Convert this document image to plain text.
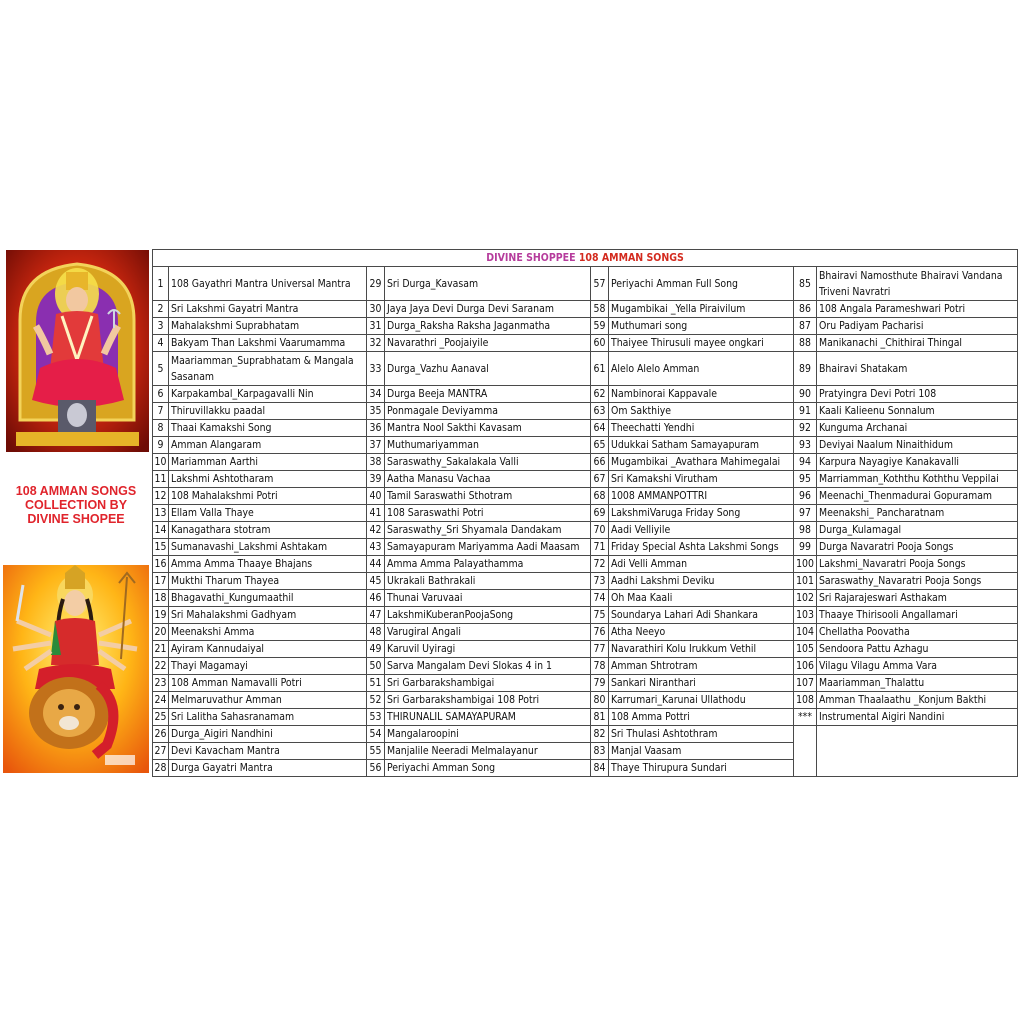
108 AMMAN SONGS
COLLECTION BY
DIVINE SHOPEE
DIVINE SHOPPEE 108 AMMAN SONGS							
1	108 Gayathri Mantra Universal Mantra	29	Sri Durga_Kavasam	57	Periyachi Amman Full Song	85	Bhairavi Namosthute Bhairavi Vandana Triveni Navratri
2	Sri Lakshmi Gayatri Mantra	30	Jaya Jaya Devi Durga Devi Saranam	58	Mugambikai _Yella Piraivilum	86	108 Angala Parameshwari Potri
3	Mahalakshmi Suprabhatam	31	Durga_Raksha Raksha Jaganmatha	59	Muthumari song	87	Oru Padiyam Pacharisi
4	Bakyam Than Lakshmi Vaarumamma	32	Navarathri _Poojaiyile	60	Thaiyee Thirusuli mayee ongkari	88	Manikanachi _Chithirai Thingal
5	Maariamman_Suprabhatam & Mangala Sasanam	33	Durga_Vazhu Aanaval	61	Alelo Alelo Amman	89	Bhairavi Shatakam
6	Karpakambal_Karpagavalli Nin	34	Durga Beeja MANTRA	62	Nambinorai Kappavale	90	Pratyingra Devi Potri 108
7	Thiruvillakku paadal	35	Ponmagale Deviyamma	63	Om Sakthiye	91	Kaali Kalieenu Sonnalum
8	Thaai Kamakshi Song	36	Mantra Nool Sakthi Kavasam	64	Theechatti Yendhi	92	Kunguma Archanai
9	Amman Alangaram	37	Muthumariyamman	65	Udukkai Satham Samayapuram	93	Deviyai Naalum Ninaithidum
10	Mariamman Aarthi	38	Saraswathy_Sakalakala Valli	66	Mugambikai _Avathara Mahimegalai	94	Karpura Nayagiye Kanakavalli
11	Lakshmi Ashtotharam	39	Aatha Manasu Vachaa	67	Sri Kamakshi Virutham	95	Marriamman_Koththu Koththu Veppilai
12	108 Mahalakshmi Potri	40	Tamil Saraswathi Sthotram	68	1008 AMMANPOTTRI	96	Meenachi_Thenmadurai Gopuramam
13	Ellam Valla Thaye	41	108 Saraswathi Potri	69	LakshmiVaruga Friday Song	97	Meenakshi_ Pancharatnam
14	Kanagathara stotram	42	Saraswathy_Sri Shyamala Dandakam	70	Aadi Velliyile	98	Durga_Kulamagal
15	Sumanavashi_Lakshmi Ashtakam	43	Samayapuram Mariyamma Aadi Maasam	71	Friday Special Ashta Lakshmi Songs	99	Durga Navaratri Pooja Songs
16	Amma Amma Thaaye Bhajans	44	Amma Amma Palayathamma	72	Adi Velli Amman	100	Lakshmi_Navaratri Pooja Songs
17	Mukthi Tharum Thayea	45	Ukrakali Bathrakali	73	Aadhi Lakshmi Deviku	101	Saraswathy_Navaratri Pooja Songs
18	Bhagavathi_Kungumaathil	46	Thunai Varuvaai	74	Oh Maa Kaali	102	Sri Rajarajeswari Asthakam
19	Sri Mahalakshmi Gadhyam	47	LakshmiKuberanPoojaSong	75	Soundarya Lahari Adi Shankara	103	Thaaye Thirisooli Angallamari
20	Meenakshi Amma	48	Varugiral Angali	76	Atha Neeyo	104	Chellatha Poovatha
21	Ayiram Kannudaiyal	49	Karuvil Uyiragi	77	Navarathiri Kolu Irukkum Vethil	105	Sendoora Pattu Azhagu
22	Thayi Magamayi	50	Sarva Mangalam Devi Slokas 4 in 1	78	Amman Shtrotram	106	Vilagu Vilagu Amma Vara
23	108 Amman Namavalli Potri	51	Sri Garbarakshambigai	79	Sankari Niranthari	107	Maariamman_Thalattu
24	Melmaruvathur Amman	52	Sri Garbarakshambigai 108 Potri	80	Karrumari_Karunai Ullathodu	108	Amman Thaalaathu _Konjum Bakthi
25	Sri Lalitha Sahasranamam	53	THIRUNALIL SAMAYAPURAM	81	108 Amma Pottri	***	Instrumental Aigiri Nandini
26	Durga_Aigiri Nandhini	54	Mangalaroopini	82	Sri Thulasi Ashtothram		
27	Devi Kavacham Mantra	55	Manjalile Neeradi Melmalayanur	83	Manjal Vaasam		
28	Durga Gayatri Mantra	56	Periyachi Amman Song	84	Thaye Thirupura Sundari		
